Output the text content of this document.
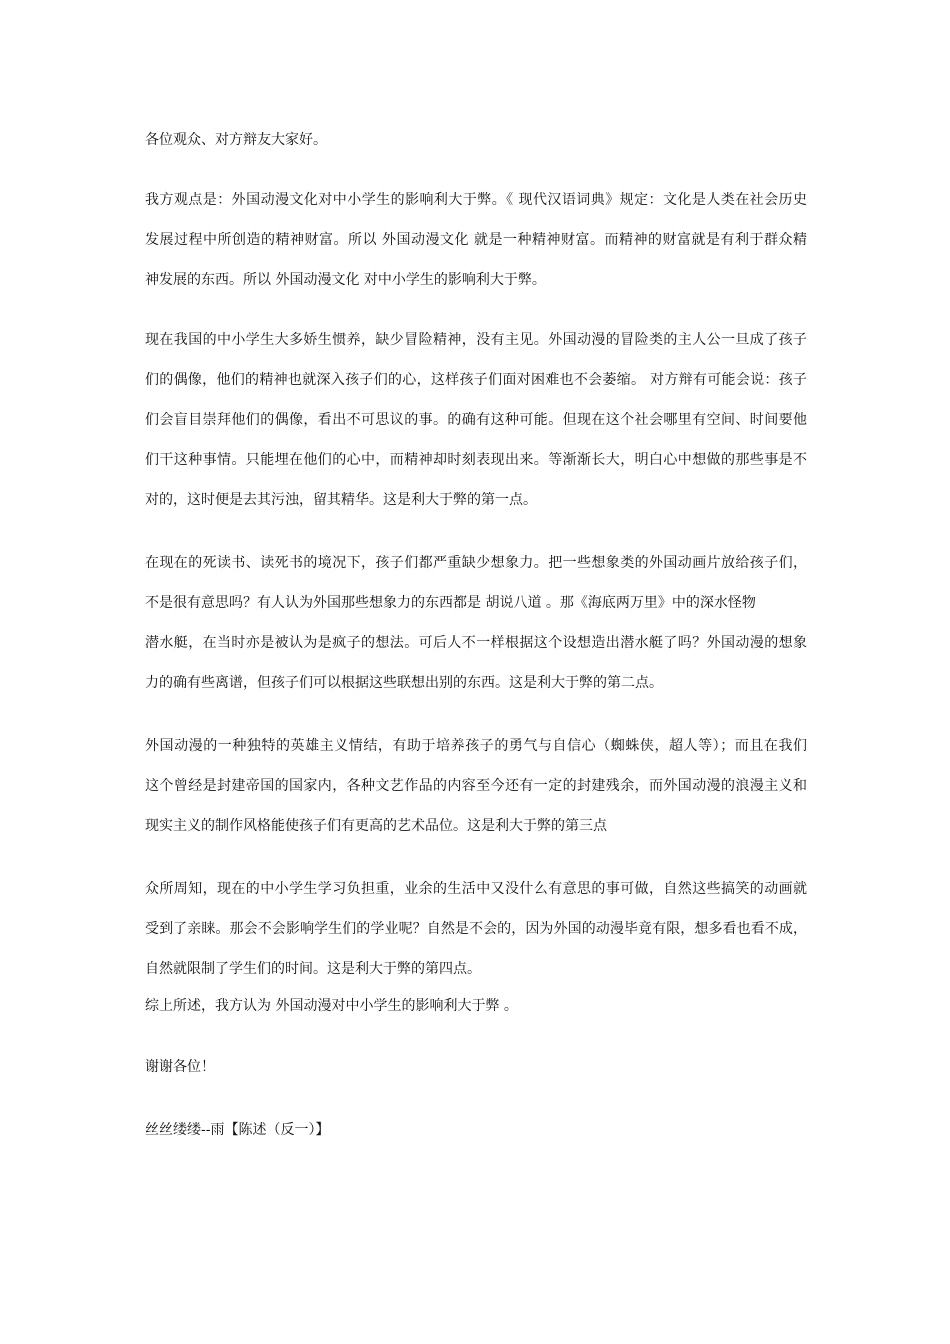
各位观众、对方辩友大家好。
我方观点是：外国动漫文化对中小学生的影响利大于弊。《 现代汉语词典》规定：文化是人类在社会历史
发展过程中所创造的精神财富。所以 外国动漫文化 就是一种精神财富。而精神的财富就是有利于群众精
神发展的东西。所以 外国动漫文化 对中小学生的影响利大于弊。
现在我国的中小学生大多娇生惯养，缺少冒险精神，没有主见。外国动漫的冒险类的主人公一旦成了孩子
们的偶像，他们的精神也就深入孩子们的心，这样孩子们面对困难也不会萎缩。 对方辩有可能会说：孩子
们会盲目崇拜他们的偶像，看出不可思议的事。的确有这种可能。但现在这个社会哪里有空间、时间要他
们干这种事情。只能埋在他们的心中，而精神却时刻表现出来。等渐渐长大，明白心中想做的那些事是不
对的，这时便是去其污浊，留其精华。这是利大于弊的第一点。
在现在的死读书、读死书的境况下，孩子们都严重缺少想象力。把一些想象类的外国动画片放给孩子们，
不是很有意思吗？有人认为外国那些想象力的东西都是 胡说八道 。那《海底两万里》中的深水怪物
潜水艇，在当时亦是被认为是疯子的想法。可后人不一样根据这个设想造出潜水艇了吗？外国动漫的想象
力的确有些离谱，但孩子们可以根据这些联想出别的东西。这是利大于弊的第二点。
外国动漫的一种独特的英雄主义情结，有助于培养孩子的勇气与自信心（蜘蛛侠，超人等）；而且在我们
这个曾经是封建帝国的国家内，各种文艺作品的内容至今还有一定的封建残余，而外国动漫的浪漫主义和
现实主义的制作风格能使孩子们有更高的艺术品位。这是利大于弊的第三点
众所周知，现在的中小学生学习负担重，业余的生活中又没什么有意思的事可做，自然这些搞笑的动画就
受到了亲睐。那会不会影响学生们的学业呢？自然是不会的，因为外国的动漫毕竟有限，想多看也看不成，
自然就限制了学生们的时间。这是利大于弊的第四点。
综上所述，我方认为 外国动漫对中小学生的影响利大于弊 。
谢谢各位！
丝丝缕缕--雨【陈述（反一）】
